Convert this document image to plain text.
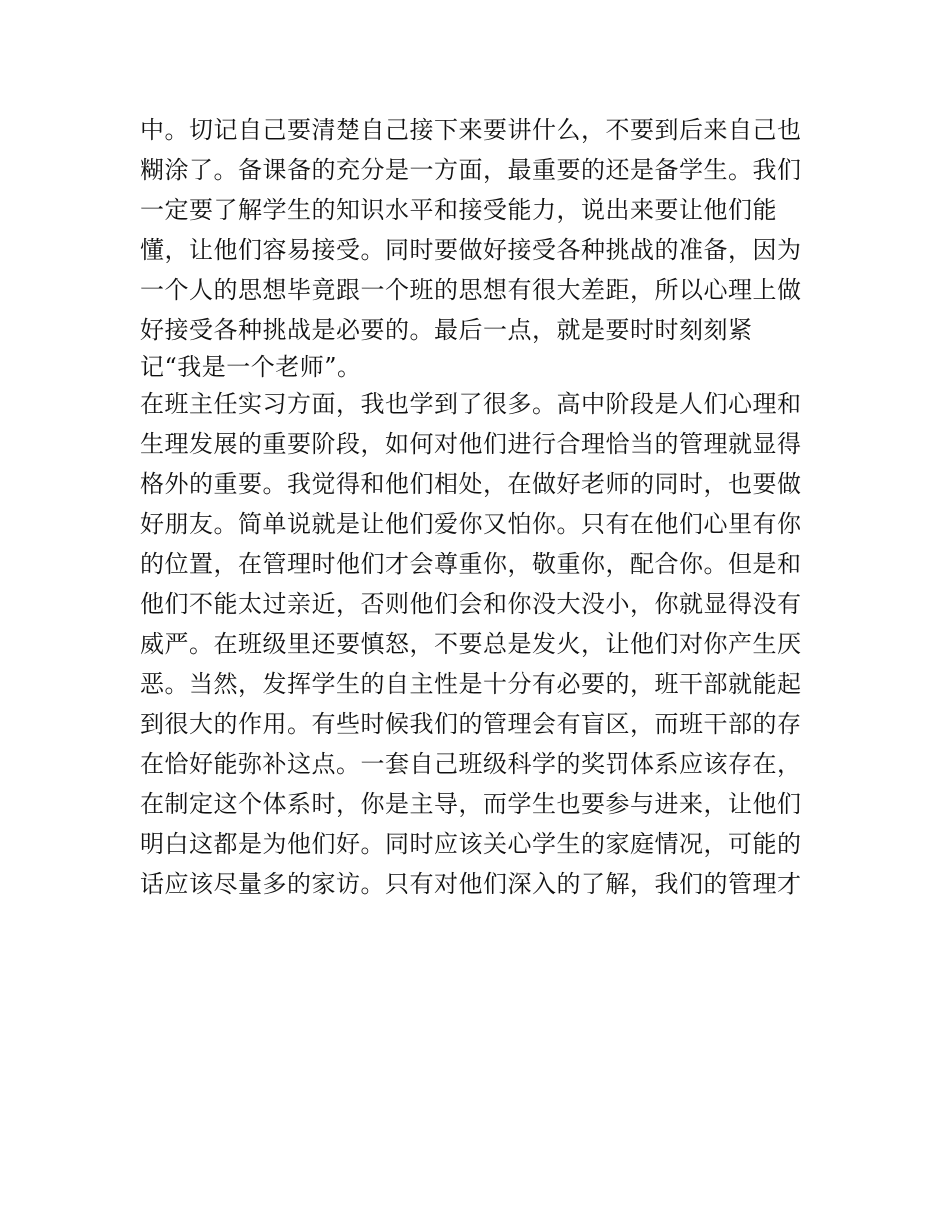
中。切记自己要清楚自己接下来要讲什么，不要到后来自己也

糊涂了。备课备的充分是一方面，最重要的还是备学生。我们

一定要了解学生的知识水平和接受能力，说出来要让他们能

懂，让他们容易接受。同时要做好接受各种挑战的准备，因为

一个人的思想毕竟跟一个班的思想有很大差距，所以心理上做

好接受各种挑战是必要的。最后一点，就是要时时刻刻紧

记“我是一个老师”。

在班主任实习方面，我也学到了很多。高中阶段是人们心理和

生理发展的重要阶段，如何对他们进行合理恰当的管理就显得

格外的重要。我觉得和他们相处，在做好老师的同时，也要做

好朋友。简单说就是让他们爱你又怕你。只有在他们心里有你

的位置，在管理时他们才会尊重你，敬重你，配合你。但是和

他们不能太过亲近，否则他们会和你没大没小，你就显得没有

威严。在班级里还要慎怒，不要总是发火，让他们对你产生厌

恶。当然，发挥学生的自主性是十分有必要的，班干部就能起

到很大的作用。有些时候我们的管理会有盲区，而班干部的存

在恰好能弥补这点。一套自己班级科学的奖罚体系应该存在，

在制定这个体系时，你是主导，而学生也要参与进来，让他们

明白这都是为他们好。同时应该关心学生的家庭情况，可能的

话应该尽量多的家访。只有对他们深入的了解，我们的管理才
